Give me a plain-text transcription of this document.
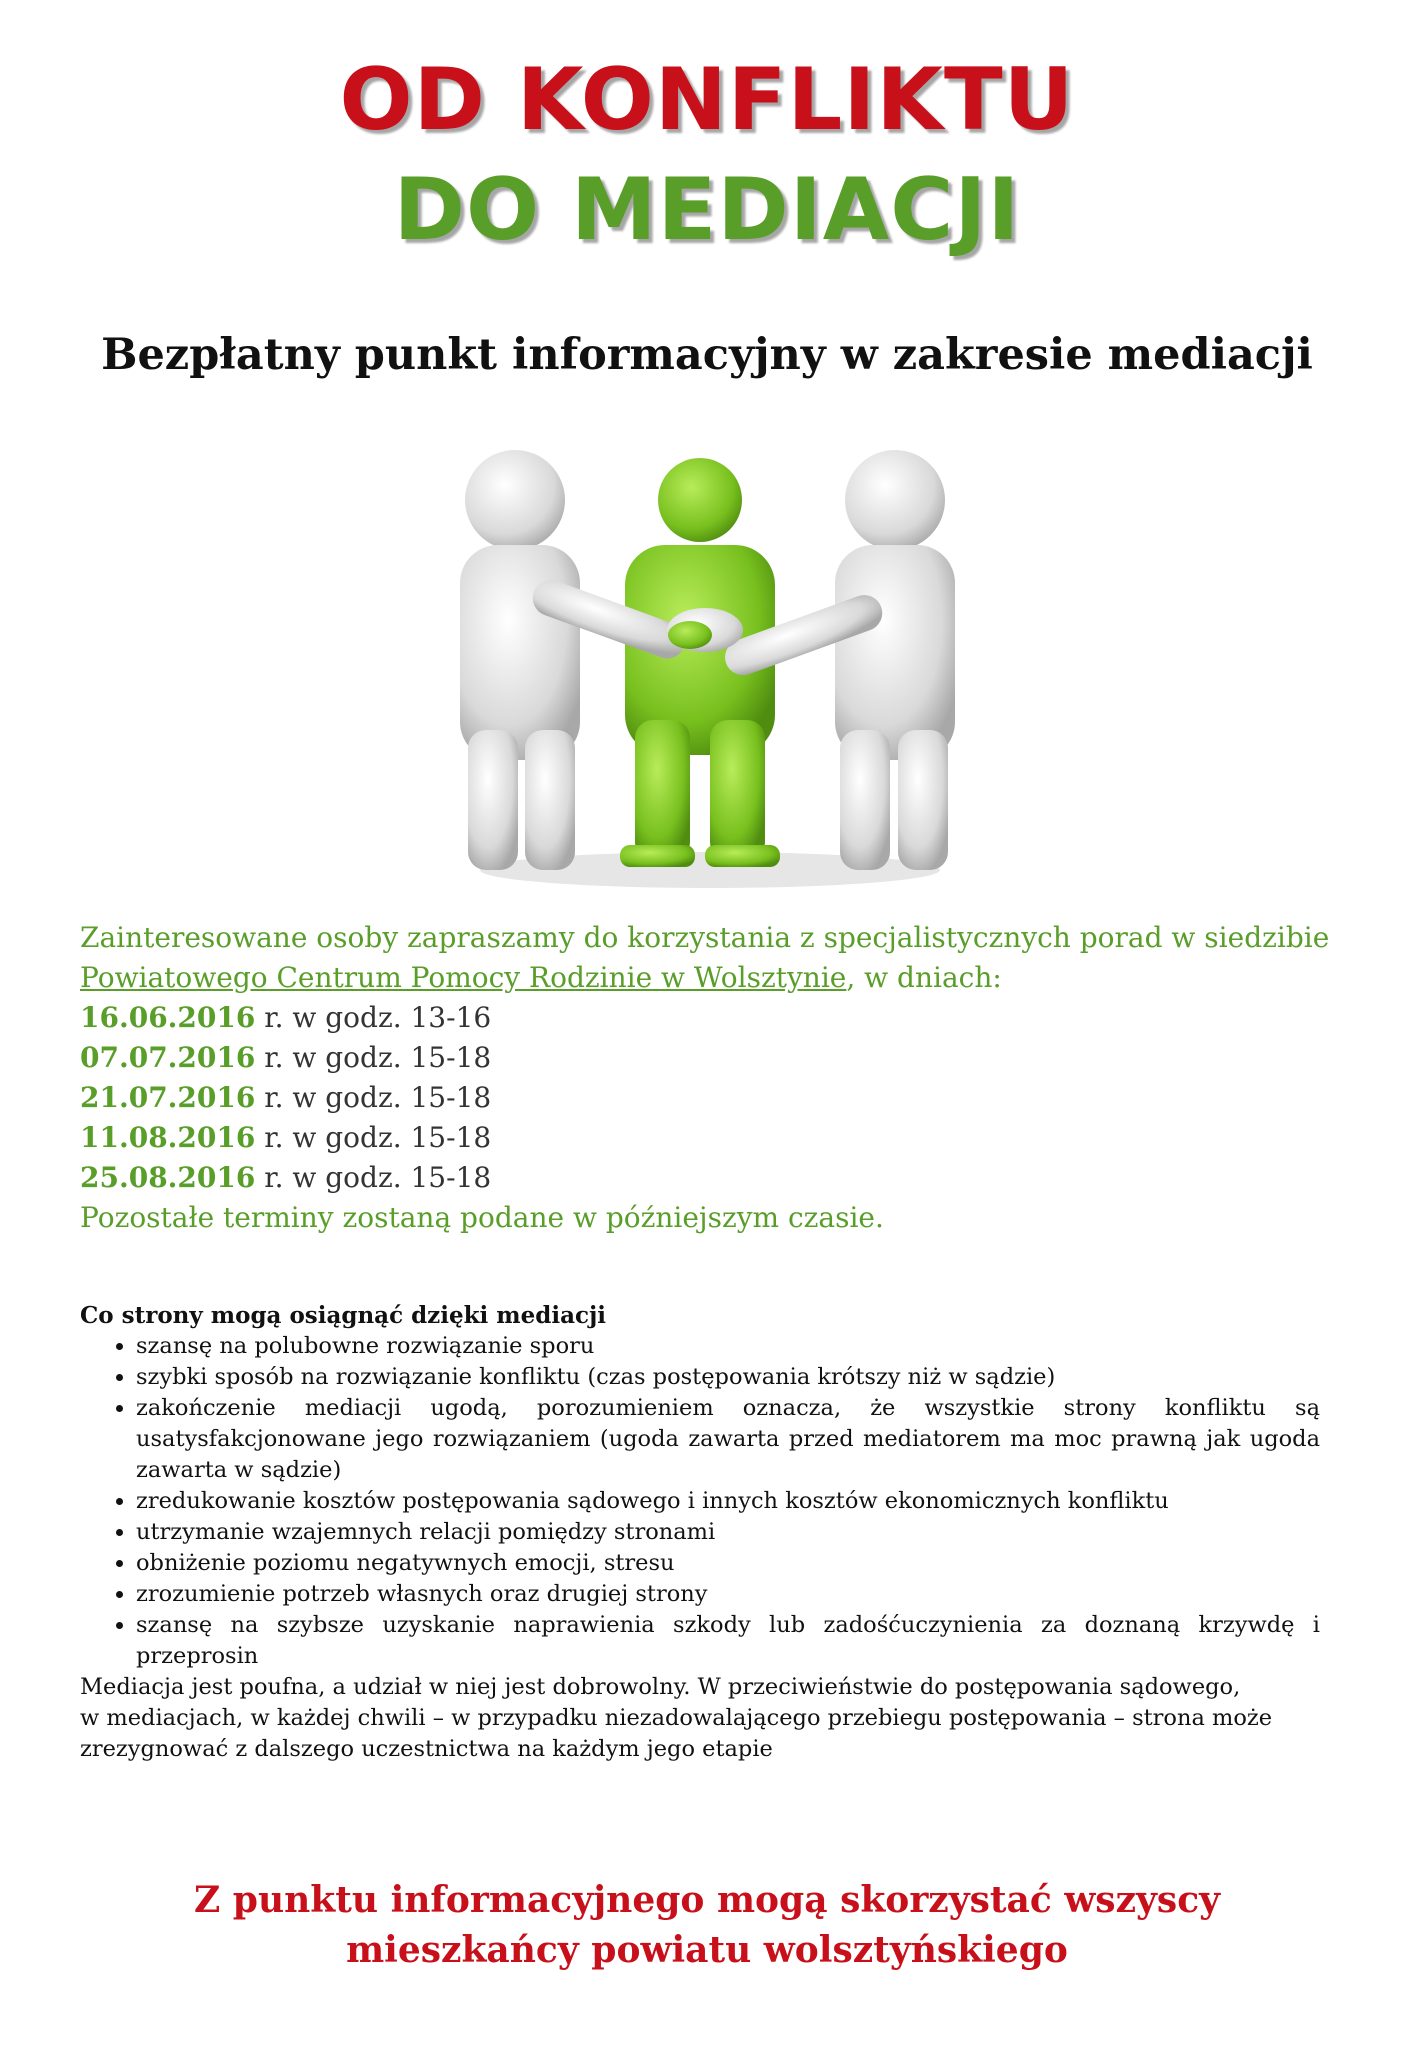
OD KONFLIKTU
DO MEDIACJI
Bezpłatny punkt informacyjny w zakresie mediacji
Zainteresowane osoby zapraszamy do korzystania z specjalistycznych porad w siedzibie Powiatowego Centrum Pomocy Rodzinie w Wolsztynie, w dniach:
16.06.2016 r. w godz. 13-16
07.07.2016 r. w godz. 15-18
21.07.2016 r. w godz. 15-18
11.08.2016 r. w godz. 15-18
25.08.2016 r. w godz. 15-18
Pozostałe terminy zostaną podane w późniejszym czasie.
Co strony mogą osiągnąć dzięki mediacji
• szansę na polubowne rozwiązanie sporu
• szybki sposób na rozwiązanie konfliktu (czas postępowania krótszy niż w sądzie)
• zakończenie mediacji ugodą, porozumieniem oznacza, że wszystkie strony konfliktu są usatysfakcjonowane jego rozwiązaniem (ugoda zawarta przed mediatorem ma moc prawną jak ugoda zawarta w sądzie)
• zredukowanie kosztów postępowania sądowego i innych kosztów ekonomicznych konfliktu
• utrzymanie wzajemnych relacji pomiędzy stronami
• obniżenie poziomu negatywnych emocji, stresu
• zrozumienie potrzeb własnych oraz drugiej strony
• szansę na szybsze uzyskanie naprawienia szkody lub zadośćuczynienia za doznaną krzywdę i przeprosin

Mediacja jest poufna, a udział w niej jest dobrowolny. W przeciwieństwie do postępowania sądowego,

w mediacjach, w każdej chwili – w przypadku niezadowalającego przebiegu postępowania – strona może zrezygnować z dalszego uczestnictwa na każdym jego etapie

Z punktu informacyjnego mogą skorzystać wszyscy
mieszkańcy powiatu wolsztyńskiego
